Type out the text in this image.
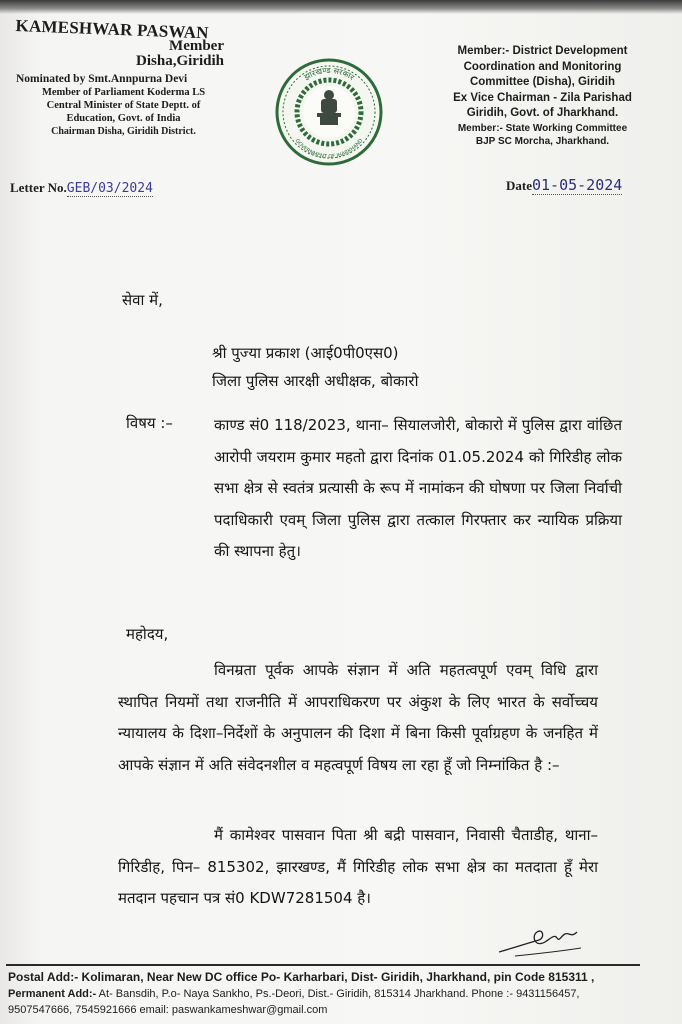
KAMESHWAR PASWAN
Member
Disha,Giridih
Nominated by Smt.Annpurna Devi
Member of Parliament Koderma LS
Central Minister of State Deptt. of
Education, Govt. of India
Chairman Disha, Giridih District.
झारखण्ड सरकार
GOVERNMENT OF JHARKHAND
Member:- District Development
Coordination and Monitoring
Committee (Disha), Giridih
Ex Vice Chairman - Zila Parishad
Giridih, Govt. of Jharkhand.
Member:- State Working Committee
BJP SC Morcha, Jharkhand.
Letter No.GEB/03/2024	Date01-05-2024
सेवा में,
श्री पुज्या प्रकाश (आई0पी0एस0)
जिला पुलिस आरक्षी अधीक्षक, बोकारो
विषय :–	काण्ड सं0 118/2023, थाना– सियालजोरी, बोकारो में पुलिस द्वारा वांछित आरोपी जयराम कुमार महतो द्वारा दिनांक 01.05.2024 को गिरिडीह लोक सभा क्षेत्र से स्वतंत्र प्रत्यासी के रूप में नामांकन की घोषणा पर जिला निर्वाची पदाधिकारी एवम् जिला पुलिस द्वारा तत्काल गिरफ्तार कर न्यायिक प्रक्रिया की स्थापना हेतु।
महोदय,
विनम्रता पूर्वक आपके संज्ञान में अति महतत्वपूर्ण एवम् विधि द्वारा स्थापित नियमों तथा राजनीति में आपराधिकरण पर अंकुश के लिए भारत के सर्वोच्चय न्यायालय के दिशा–निर्देशों के अनुपालन की दिशा में बिना किसी पूर्वाग्रहण के जनहित में आपके संज्ञान में अति संवेदनशील व महत्वपूर्ण विषय ला रहा हूँ जो निम्नांकित है :–
मैं कामेश्वर पासवान पिता श्री बद्री पासवान, निवासी चैताडीह, थाना– गिरिडीह, पिन– 815302, झारखण्ड, मैं गिरिडीह लोक सभा क्षेत्र का मतदाता हूँ मेरा मतदान पहचान पत्र सं0 KDW7281504 है।
Postal Add:- Kolimaran, Near New DC office Po- Karharbari, Dist- Giridih, Jharkhand, pin Code 815311 ,
Permanent Add:- At- Bansdih, P.o- Naya Sankho, Ps.-Deori, Dist.- Giridih, 815314 Jharkhand. Phone :- 9431156457,
9507547666, 7545921666 email: paswankameshwar@gmail.com
